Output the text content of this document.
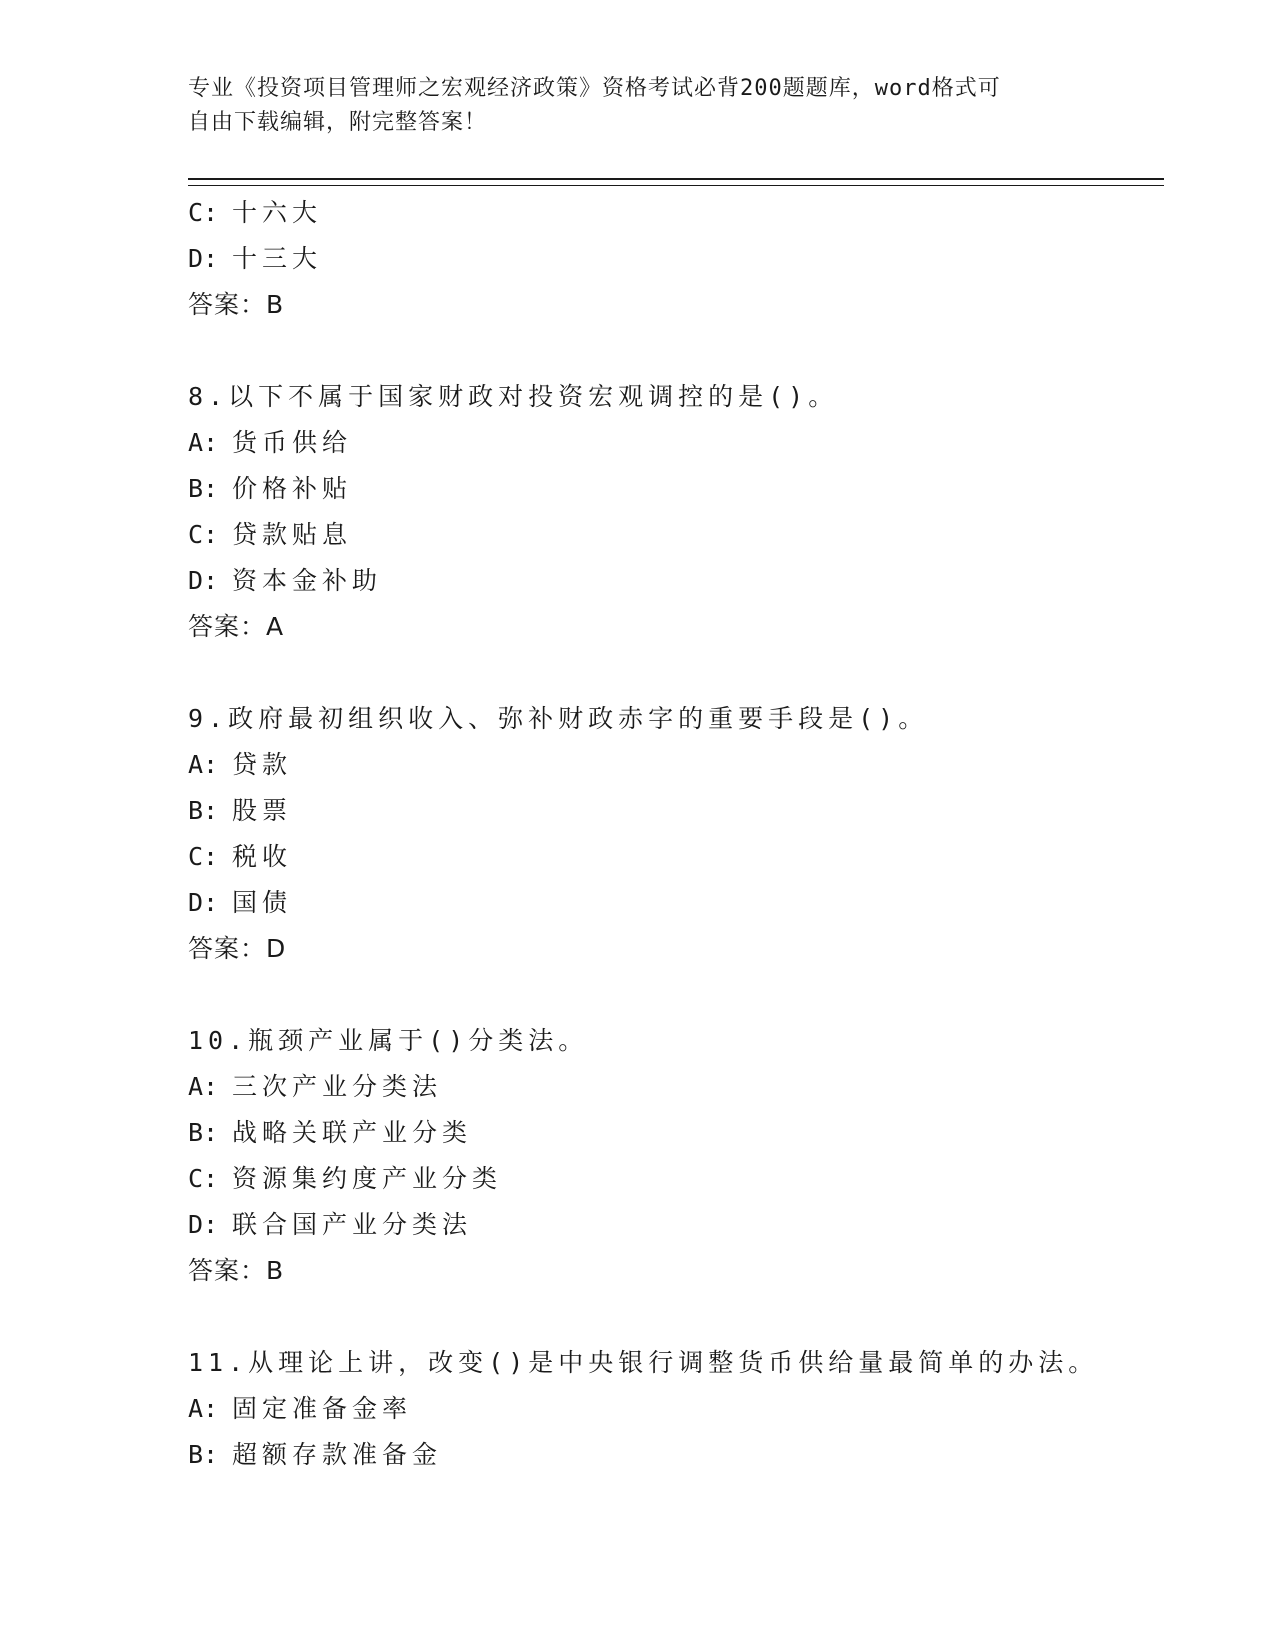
专业《投资项目管理师之宏观经济政策》资格考试必背200题题库，word格式可
自由下载编辑，附完整答案！
C: 十六大
D: 十三大
答案：B
8.以下不属于国家财政对投资宏观调控的是()。
A: 货币供给
B: 价格补贴
C: 贷款贴息
D: 资本金补助
答案：A
9.政府最初组织收入、弥补财政赤字的重要手段是()。
A: 贷款
B: 股票
C: 税收
D: 国债
答案：D
10.瓶颈产业属于()分类法。
A: 三次产业分类法
B: 战略关联产业分类
C: 资源集约度产业分类
D: 联合国产业分类法
答案：B
11.从理论上讲，改变()是中央银行调整货币供给量最简单的办法。
A: 固定准备金率
B: 超额存款准备金
